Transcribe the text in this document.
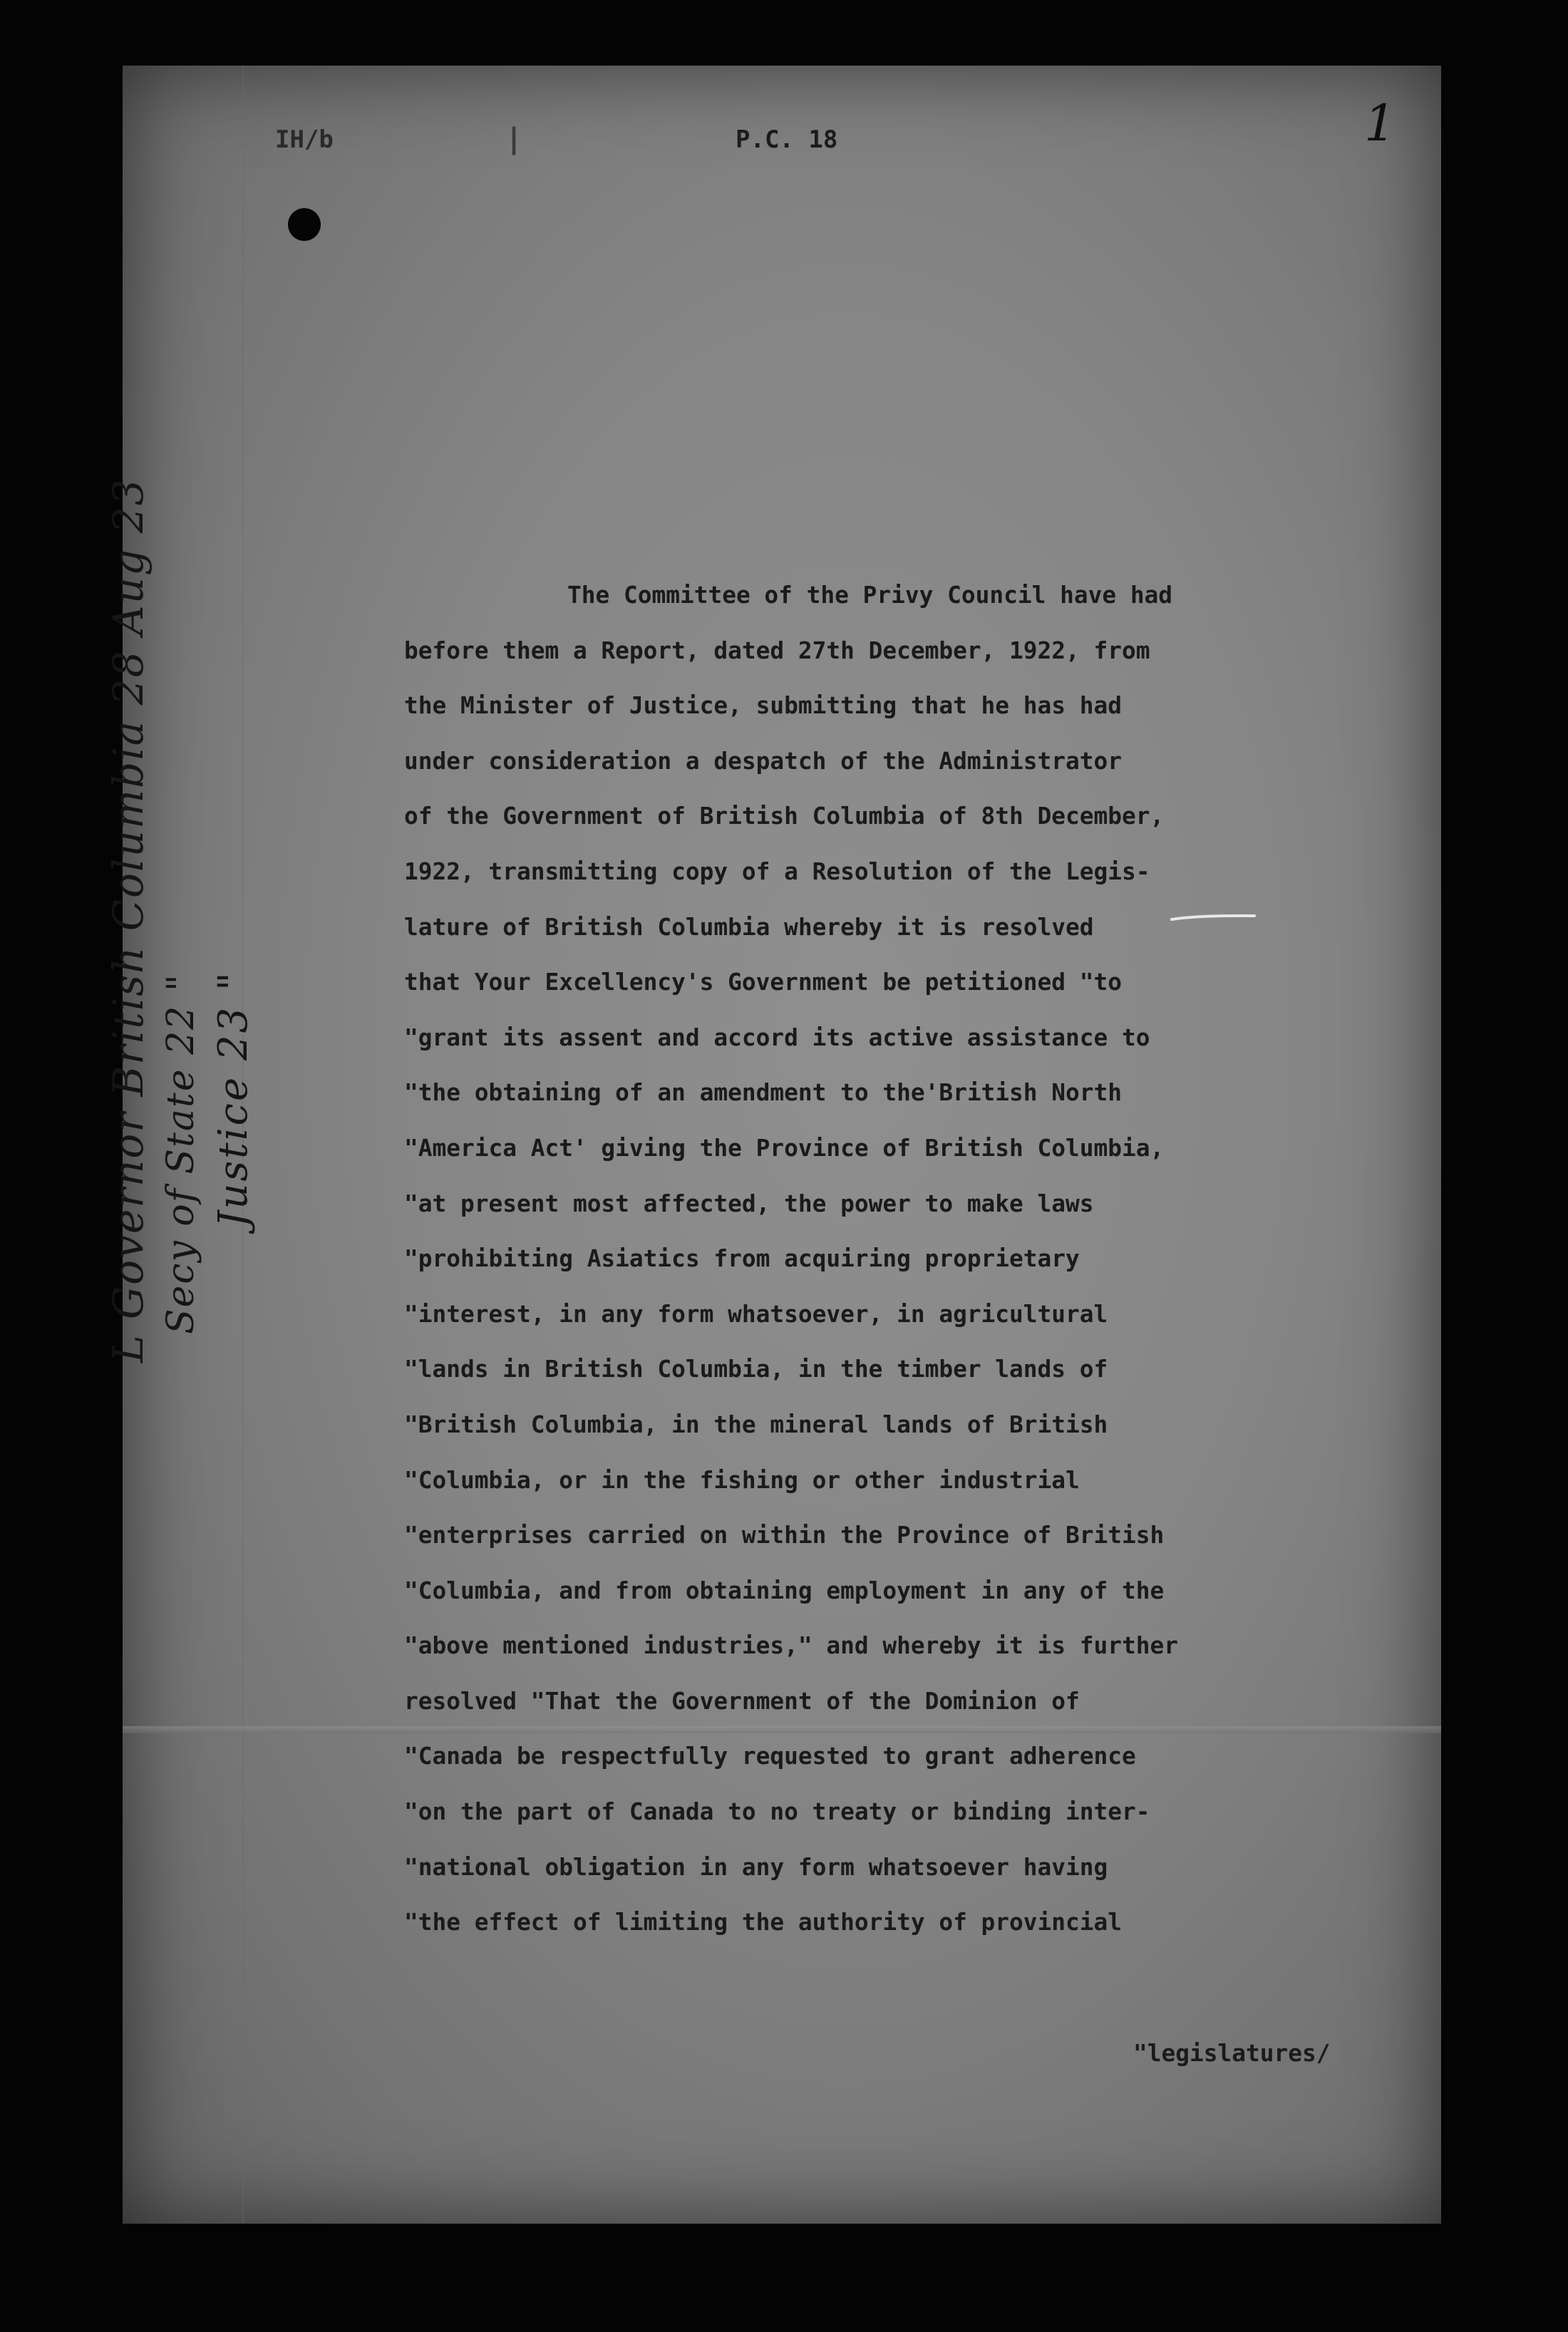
IH/b	|	P.C. 18	1

L Governor British Columbia 28 Aug 23 Secy of State 22 " Justice 23 "
The Committee of the Privy Council have had
before them a Report, dated 27th December, 1922, from
the Minister of Justice, submitting that he has had
under consideration a despatch of the Administrator
of the Government of British Columbia of 8th December,
1922, transmitting copy of a Resolution of the Legis-
lature of British Columbia whereby it is resolved
that Your Excellency's Government be petitioned "to
"grant its assent and accord its active assistance to
"the obtaining of an amendment to the'British North
"America Act' giving the Province of British Columbia,
"at present most affected, the power to make laws
"prohibiting Asiatics from acquiring proprietary
"interest, in any form whatsoever, in agricultural
"lands in British Columbia, in the timber lands of
"British Columbia, in the mineral lands of British
"Columbia, or in the fishing or other industrial
"enterprises carried on within the Province of British
"Columbia, and from obtaining employment in any of the
"above mentioned industries," and whereby it is further
resolved "That the Government of the Dominion of
"Canada be respectfully requested to grant adherence
"on the part of Canada to no treaty or binding inter-
"national obligation in any form whatsoever having
"the effect of limiting the authority of provincial

"legislatures/
